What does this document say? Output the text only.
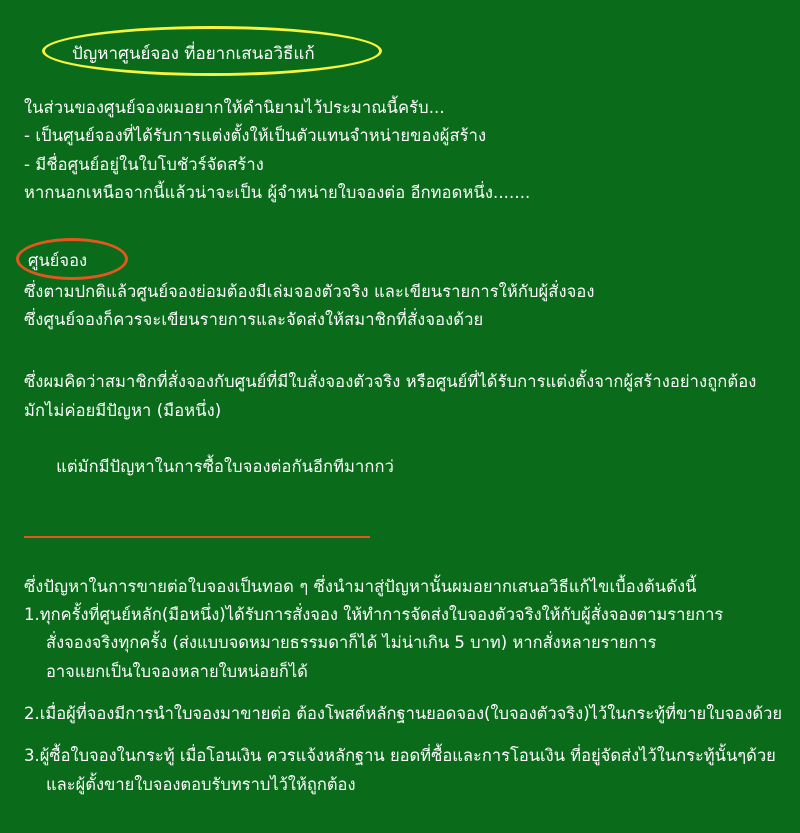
ปัญหาศูนย์จอง ที่อยากเสนอวิธีแก้
ในส่วนของศูนย์จองผมอยากให้คำนิยามไว้ประมาณนี้ครับ...
- เป็นศูนย์จองที่ได้รับการแต่งตั้งให้เป็นตัวแทนจำหน่ายของผู้สร้าง
- มีชื่อศูนย์อยู่ในใบโบชัวร์จัดสร้าง
หากนอกเหนือจากนี้แล้วน่าจะเป็น ผู้จำหน่ายใบจองต่อ อีกทอดหนึ่ง.......
ศูนย์จอง
ซึ่งตามปกติแล้วศูนย์จองย่อมต้องมีเล่มจองตัวจริง และเขียนรายการให้กับผู้สั่งจอง
ซึ่งศูนย์จองก็ควรจะเขียนรายการและจัดส่งให้สมาชิกที่สั่งจองด้วย
ซึ่งผมคิดว่าสมาชิกที่สั่งจองกับศูนย์ที่มีใบสั่งจองตัวจริง หรือศูนย์ที่ได้รับการแต่งตั้งจากผู้สร้างอย่างถูกต้อง
มักไม่ค่อยมีปัญหา (มือหนึ่ง)

แต่มักมีปัญหาในการซื้อใบจองต่อกันอีกทีมากกว่

ซึ่งปัญหาในการขายต่อใบจองเป็นทอด ๆ ซึ่งนำมาสู่ปัญหานั้นผมอยากเสนอวิธีแก้ไขเบื้องต้นดังนี้
1.ทุกครั้งที่ศูนย์หลัก(มือหนึ่ง)ได้รับการสั่งจอง ให้ทำการจัดส่งใบจองตัวจริงให้กับผู้สั่งจองตามรายการ
สั่งจองจริงทุกครั้ง (ส่งแบบจดหมายธรรมดาก็ได้ ไม่น่าเกิน 5 บาท) หากสั่งหลายรายการ
อาจแยกเป็นใบจองหลายใบหน่อยก็ได้
2.เมื่อผู้ที่จองมีการนำใบจองมาขายต่อ ต้องโพสต์หลักฐานยอดจอง(ใบจองตัวจริง)ไว้ในกระทู้ที่ขายใบจองด้วย
3.ผู้ซื้อใบจองในกระทู้ เมื่อโอนเงิน ควรแจ้งหลักฐาน ยอดที่ซื้อและการโอนเงิน ที่อยู่จัดส่งไว้ในกระทู้นั้นๆด้วย
และผู้ตั้งขายใบจองตอบรับทราบไว้ให้ถูกต้อง
